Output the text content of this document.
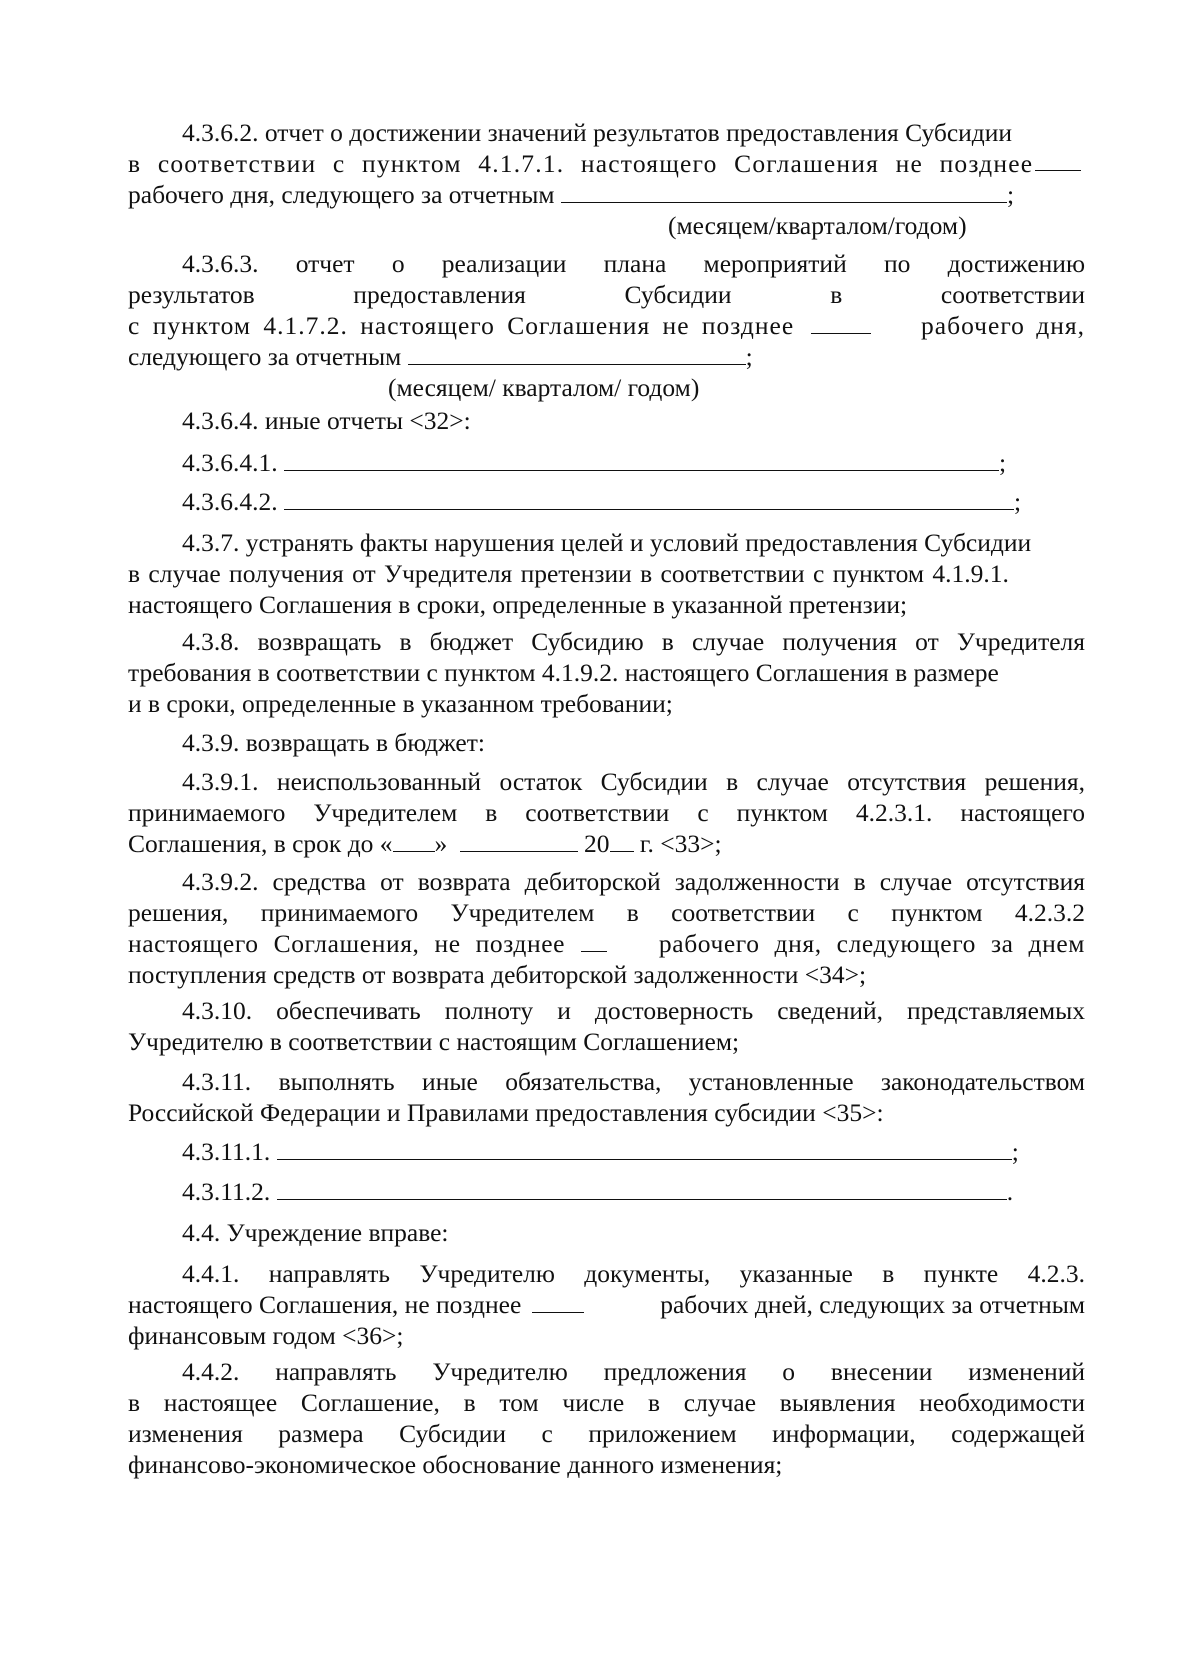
4.3.6.2. отчет о достижении значений результатов предоставления Субсидии
в соответствии с пунктом 4.1.7.1. настоящего Соглашения не позднее
рабочего дня, следующего за отчетным	;
(месяцем/кварталом/годом)
4.3.6.3. отчет о реализации плана мероприятий по достижению
результатов предоставления Субсидии в соответствии
с пунктом 4.1.7.2. настоящего Соглашения не позднее	рабочего дня,
следующего за отчетным	;
(месяцем/ кварталом/ годом)
4.3.6.4. иные отчеты <32>:
4.3.6.4.1.	;
4.3.6.4.2.	;
4.3.7. устранять факты нарушения целей и условий предоставления Субсидии
в случае получения от Учредителя претензии в соответствии с пунктом 4.1.9.1.
настоящего Соглашения в сроки, определенные в указанной претензии;
4.3.8. возвращать в бюджет Субсидию в случае получения от Учредителя
требования в соответствии с пунктом 4.1.9.2. настоящего Соглашения в размере
и в сроки, определенные в указанном требовании;
4.3.9. возвращать в бюджет:
4.3.9.1. неиспользованный остаток Субсидии в случае отсутствия решения,
принимаемого Учредителем в соответствии с пунктом 4.2.3.1. настоящего
Соглашения, в срок до « »	20 г. <33>;
4.3.9.2. средства от возврата дебиторской задолженности в случае отсутствия
решения, принимаемого Учредителем в соответствии с пунктом 4.2.3.2
настоящего Соглашения, не позднее	рабочего дня, следующего за днем
поступления средств от возврата дебиторской задолженности <34>;
4.3.10. обеспечивать полноту и достоверность сведений, представляемых
Учредителю в соответствии с настоящим Соглашением;
4.3.11. выполнять иные обязательства, установленные законодательством
Российской Федерации и Правилами предоставления субсидии <35>:
4.3.11.1.	;
4.3.11.2.	.
4.4. Учреждение вправе:
4.4.1. направлять Учредителю документы, указанные в пункте 4.2.3.
настоящего Соглашения, не позднее	рабочих дней, следующих за отчетным
финансовым годом <36>;
4.4.2. направлять Учредителю предложения о внесении изменений
в настоящее Соглашение, в том числе в случае выявления необходимости
изменения размера Субсидии с приложением информации, содержащей
финансово-экономическое обоснование данного изменения;
